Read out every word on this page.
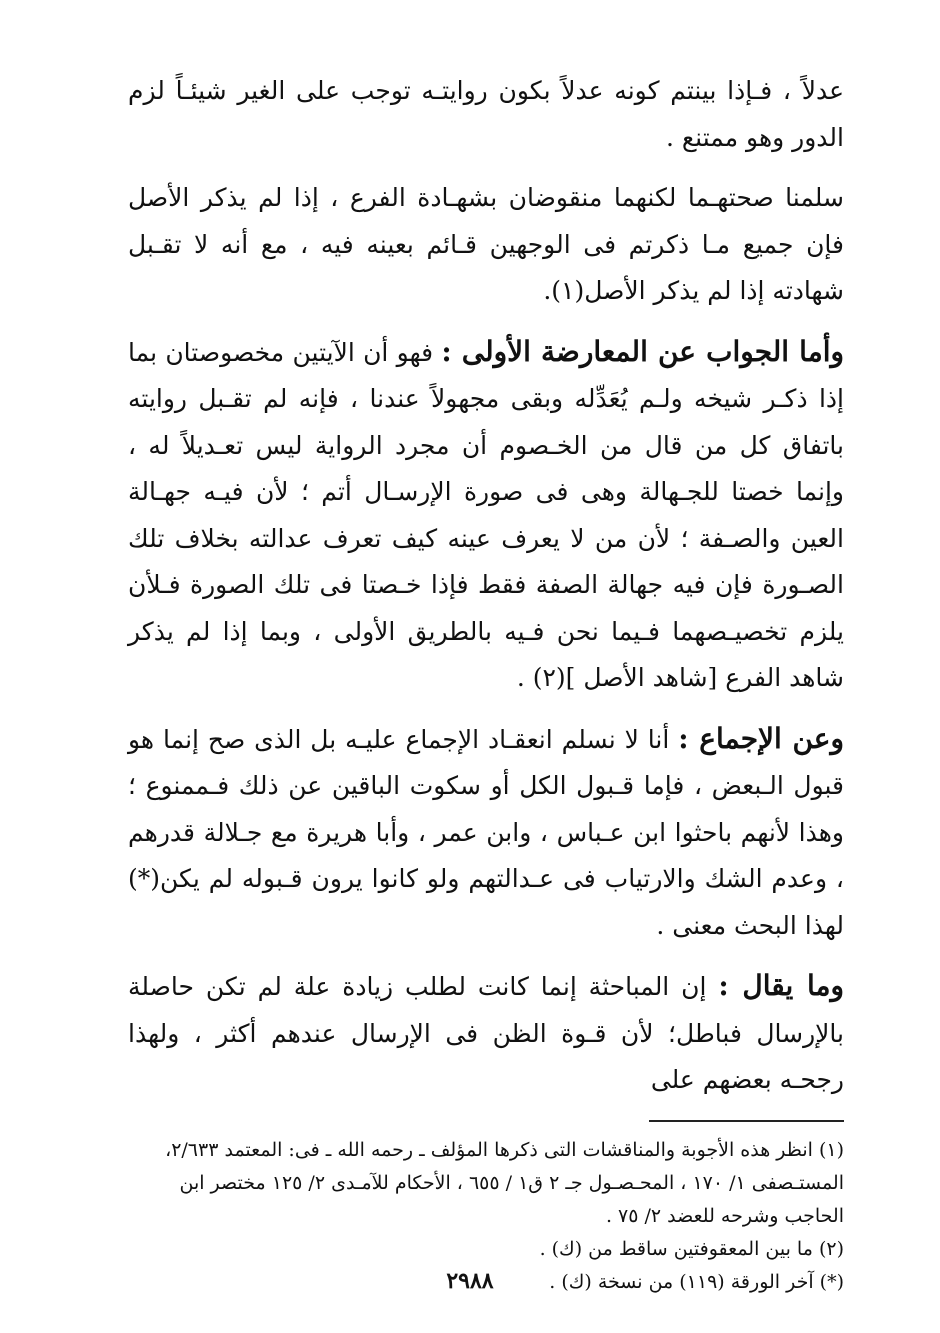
عدلاً ، فـإذا بينتم كونه عدلاً بكون روايتـه توجب على الغير شيئـاً لزم الدور وهو ممتنع .

سلمنا صحتهـما لكنهما منقوضان بشهـادة الفرع ، إذا لم يذكر الأصل فإن جميع مـا ذكرتم فى الوجهين قـائم بعينه فيه ، مع أنه لا تقـبل شهادته إذا لم يذكر الأصل(١).

وأما الجواب عن المعارضة الأولى : فهو أن الآيتين مخصوصتان بما إذا ذكـر شيخه ولـم يُعَدِّله وبقى مجهولاً عندنا ، فإنه لم تقـبل روايته باتفاق كل من قال من الخـصوم أن مجرد الرواية ليس تعـديلاً له ، وإنما خصتا للجـهالة وهى فى صورة الإرسـال أتم ؛ لأن فيـه جهـالة العين والصـفة ؛ لأن من لا يعرف عينه كيف تعرف عدالته بخلاف تلك الصـورة فإن فيه جهالة الصفة فقط فإذا خـصتا فى تلك الصورة فـلأن يلزم تخصيـصهما فـيما نحن فـيه بالطريق الأولى ، وبما إذا لم يذكر شاهد الفرع [شاهد الأصل ](٢) .

وعن الإجماع : أنا لا نسلم انعقـاد الإجماع عليـه بل الذى صح إنما هو قبول الـبعض ، فإما قـبول الكل أو سكوت الباقين عن ذلك فـممنوع ؛ وهذا لأنهم باحثوا ابن عـباس ، وابن عمر ، وأبا هريرة مع جـلالة قدرهم ، وعدم الشك والارتياب فى عـدالتهم ولو كانوا يرون قـبوله لم يكن(*) لهذا البحث معنى .

وما يقال : إن المباحثة إنما كانت لطلب زيادة علة لم تكن حاصلة بالإرسال فباطل؛ لأن قـوة الظن فى الإرسال عندهم أكثر ، ولهذا رجحـه بعضهم على

(١) انظر هذه الأجوبة والمناقشات التى ذكرها المؤلف ـ رحمه الله ـ فى: المعتمد ٢/٦٣٣، المستـصفى ١/ ١٧٠ ، المحـصـول جـ ٢ ق١ / ٦٥٥ ، الأحكام للآمـدى ٢/ ١٢٥ مختصر ابن الحاجب وشرحه للعضد ٢/ ٧٥ .

(٢) ما بين المعقوفتين ساقط من (ك) .

(*) آخر الورقة (١١٩) من نسخة (ك) .

٢٩٨٨
